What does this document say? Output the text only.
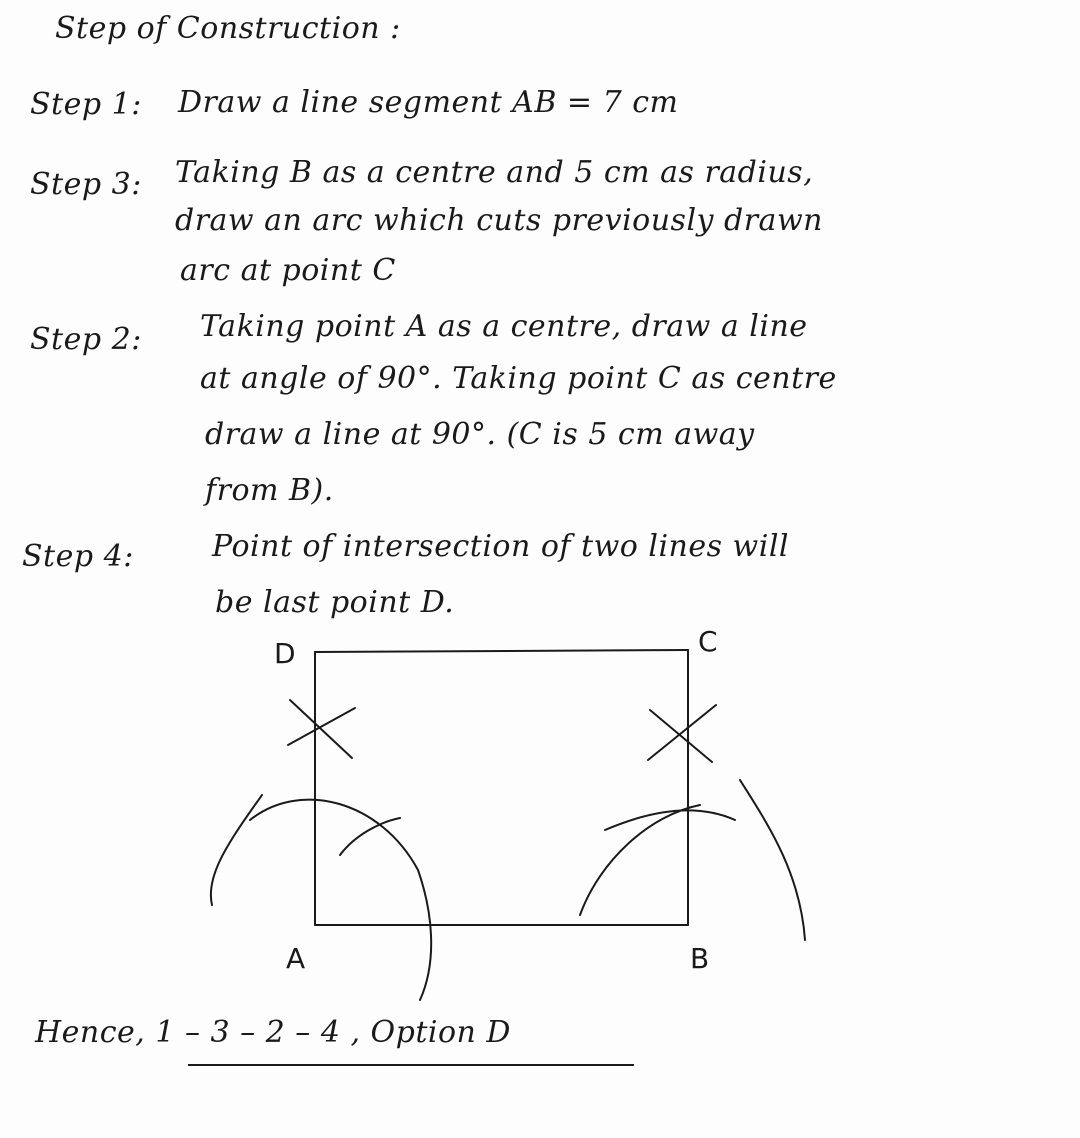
Step of Construction :
Step 1: Draw a line segment AB = 7 cm
Step 3: Taking B as a centre and 5 cm as radius,
draw an arc which cuts previously drawn
arc at point C
Step 2: Taking point A as a centre, draw a line
at angle of 90°. Taking point C as centre
draw a line at 90°. (C is 5 cm away
from B).
Step 4:	Point of intersection of two lines will
be last point D.
D	C
A	B
Hence, 1 – 3 – 2 – 4 , Option D
